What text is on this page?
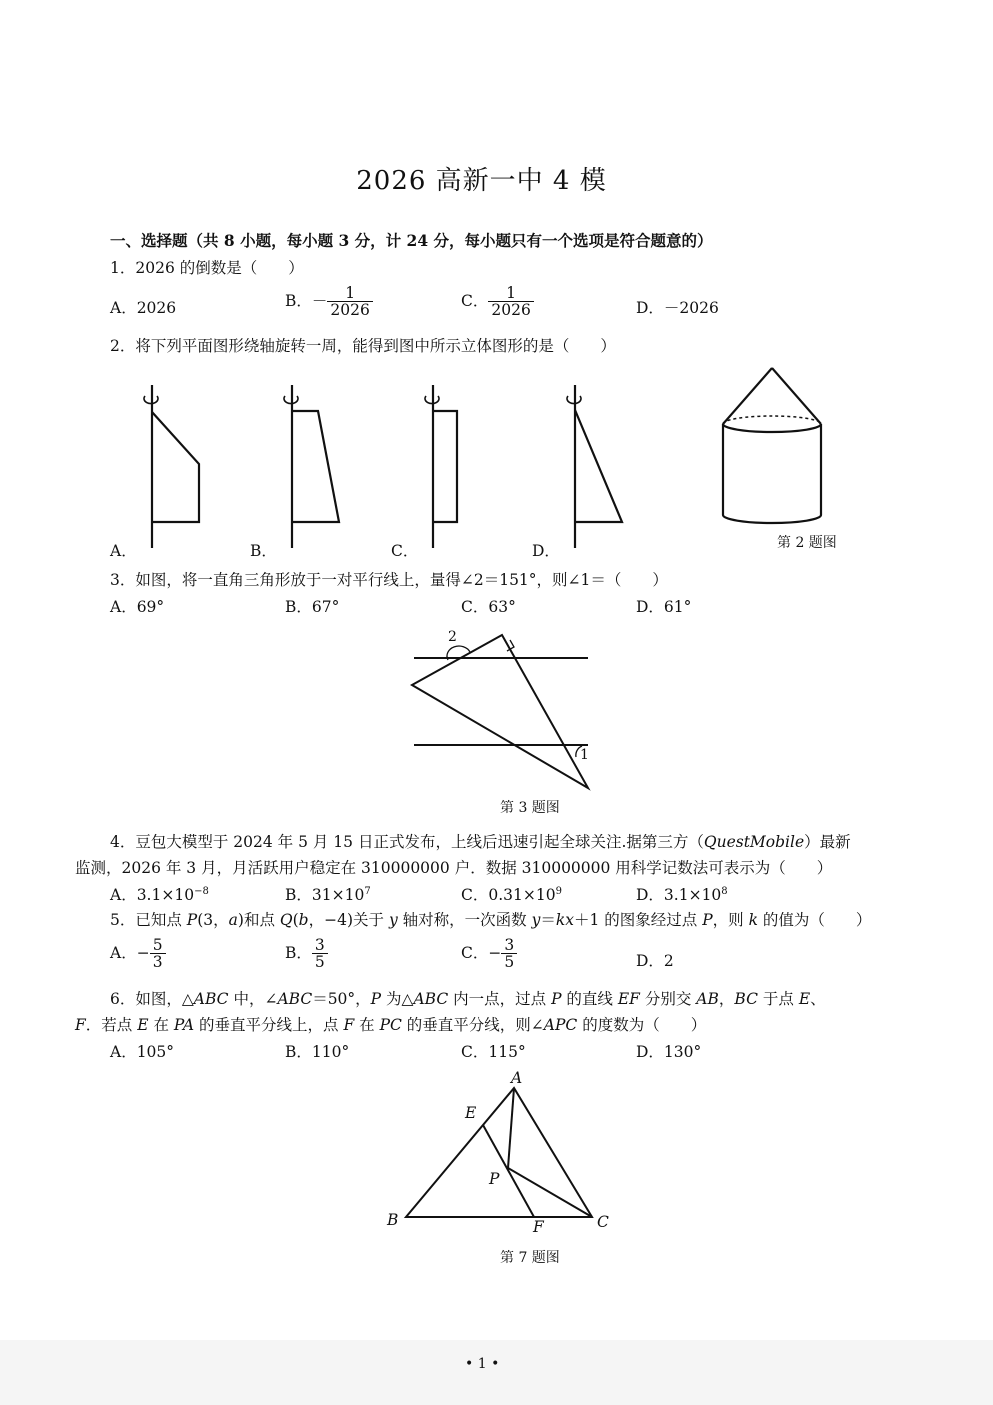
2026 高新一中 4 模
一、选择题（共 8 小题，每小题 3 分，计 24 分，每小题只有一个选项是符合题意的）
1．2026 的倒数是（　　）
A．2026	B．－ $\frac{1}{2026}$	C． $\frac{1}{2026}$	D．－2026
2．将下列平面图形绕轴旋转一周，能得到图中所示立体图形的是（　　）
A．	B．	C．	D．	第 2 题图
3．如图，将一直角三角形放于一对平行线上，量得∠2＝151°，则∠1＝（　　）
A．69°	B．67°	C．63°	D．61°
2
1
第 3 题图
4．豆包大模型于 2024 年 5 月 15 日正式发布，上线后迅速引起全球关注.据第三方（QuestMobile）最新
监测，2026 年 3 月，月活跃用户稳定在 310000000 户．数据 310000000 用科学记数法可表示为（　　）
A．$3.1\times 10^{-8}$	B．$31\times 10^7$	C．$0.31\times 10^9$	D．$3.1\times 10^8$
5．已知点 P(3，a)和点 Q(b，−4)关于 y 轴对称，一次函数 y＝kx＋1 的图象经过点 P，则 k 的值为（　　）
A．− $\frac{5}{3}$	B． $\frac{3}{5}$	C．− $\frac{3}{5}$	D．2
6．如图，△ABC 中，∠ABC＝50°，P 为△ABC 内一点，过点 P 的直线 EF 分别交 AB，BC 于点 E、
F．若点 E 在 PA 的垂直平分线上，点 F 在 PC 的垂直平分线，则∠APC 的度数为（　　）
A．105°	B．110°	C．115°	D．130°
A
B	C
E
F
P
第 7 题图
• 1 •
